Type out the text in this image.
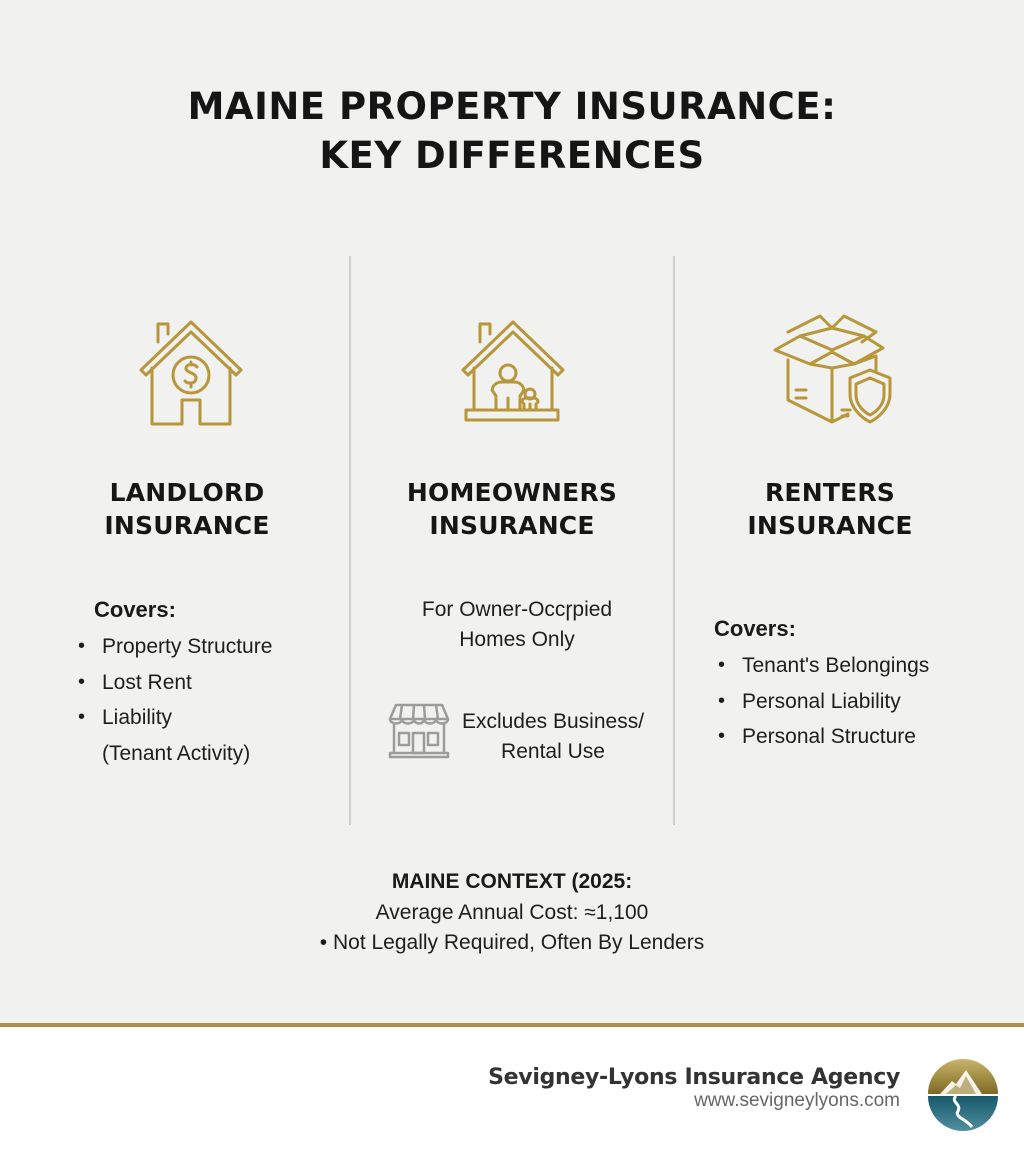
MAINE PROPERTY INSURANCE:
KEY DIFFERENCES
LANDLORD
INSURANCE
Covers:
• Property Structure
• Lost Rent
• Liability
(Tenant Activity)
HOMEOWNERS
INSURANCE
For Owner-Occɼpied
Homes Only
Excludes Business/
Rental Use
RENTERS
INSURANCE
Covers:
• Tenant's Belongings
• Personal Liability
• Personal Structure
MAINE CONTEXT (2025:
Average Annual Cost: ≈1,100
• Not Legally Required, Often By Lenders
Sevigney-Lyons Insurance Agency
www.sevigneylyons.com
